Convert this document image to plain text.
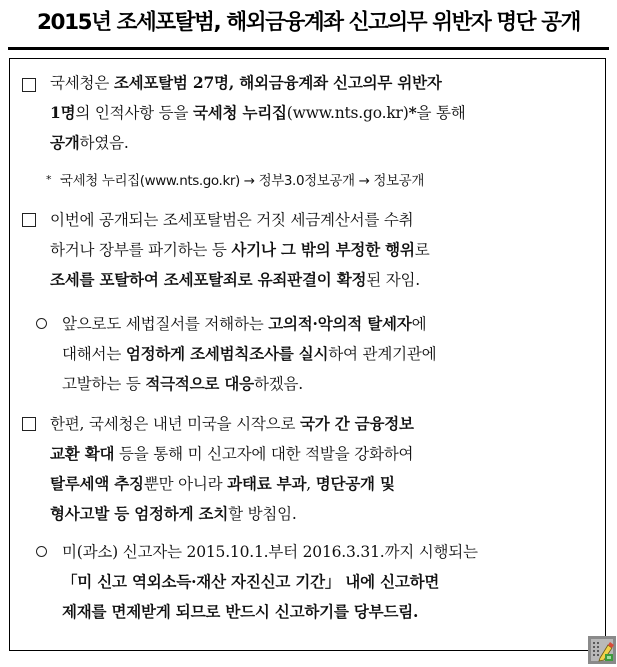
2015년 조세포탈범, 해외금융계좌 신고의무 위반자 명단 공개
국세청은 조세포탈범 27명, 해외금융계좌 신고의무 위반자
1명의 인적사항 등을 국세청 누리집(www.nts.go.kr)*을 통해
공개하였음.
* 국세청 누리집(www.nts.go.kr) → 정부3.0정보공개 → 정보공개
이번에 공개되는 조세포탈범은 거짓 세금계산서를 수취
하거나 장부를 파기하는 등 사기나 그 밖의 부정한 행위로
조세를 포탈하여 조세포탈죄로 유죄판결이 확정된 자임.
앞으로도 세법질서를 저해하는 고의적·악의적 탈세자에
대해서는 엄정하게 조세범칙조사를 실시하여 관계기관에
고발하는 등 적극적으로 대응하겠음.
한편, 국세청은 내년 미국을 시작으로 국가 간 금융정보
교환 확대 등을 통해 미 신고자에 대한 적발을 강화하여
탈루세액 추징뿐만 아니라 과태료 부과, 명단공개 및
형사고발 등 엄정하게 조치할 방침임.
미(과소) 신고자는 2015.10.1.부터 2016.3.31.까지 시행되는
「미 신고 역외소득·재산 자진신고 기간」 내에 신고하면
제재를 면제받게 되므로 반드시 신고하기를 당부드림.
